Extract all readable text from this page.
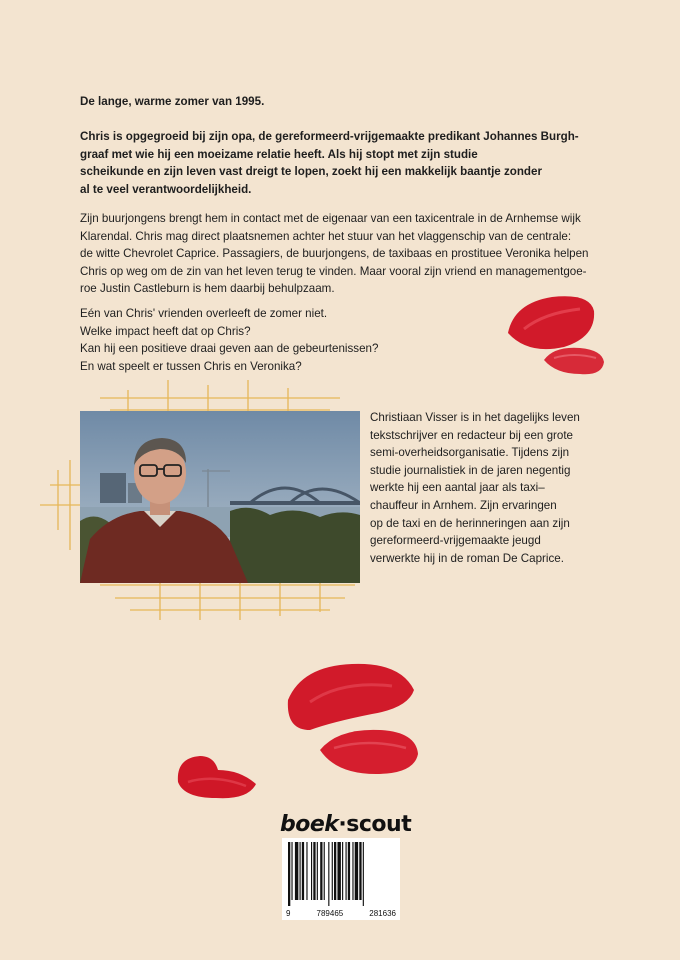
De lange, warme zomer van 1995.

Chris is opgegroeid bij zijn opa, de gereformeerd-vrijgemaakte predikant Johannes Burgh-

graaf met wie hij een moeizame relatie heeft. Als hij stopt met zijn studie

scheikunde en zijn leven vast dreigt te lopen, zoekt hij een makkelijk baantje zonder

al te veel verantwoordelijkheid.

Zijn buurjongens brengt hem in contact met de eigenaar van een taxicentrale in de Arnhemse wijk

Klarendal. Chris mag direct plaatsnemen achter het stuur van het vlaggenschip van de centrale:

de witte Chevrolet Caprice. Passagiers, de buurjongens, de taxibaas en prostituee Veronika helpen

Chris op weg om de zin van het leven terug te vinden. Maar vooral zijn vriend en managementgoe-

roe Justin Castleburn is hem daarbij behulpzaam.

Eén van Chris' vrienden overleeft de zomer niet.
Welke impact heeft dat op Chris?
Kan hij een positieve draai geven aan de gebeurtenissen?
En wat speelt er tussen Chris en Veronika?
Christiaan Visser is in het dagelijks leven
tekstschrijver en redacteur bij een grote
semi-overheidsorganisatie. Tijdens zijn
studie journalistiek in de jaren negentig
werkte hij een aantal jaar als taxi–
chauffeur in Arnhem. Zijn ervaringen
op de taxi en de herinneringen aan zijn
gereformeerd-vrijgemaakte jeugd
verwerkte hij in de roman De Caprice.
boek·scout
9	789465	281636
